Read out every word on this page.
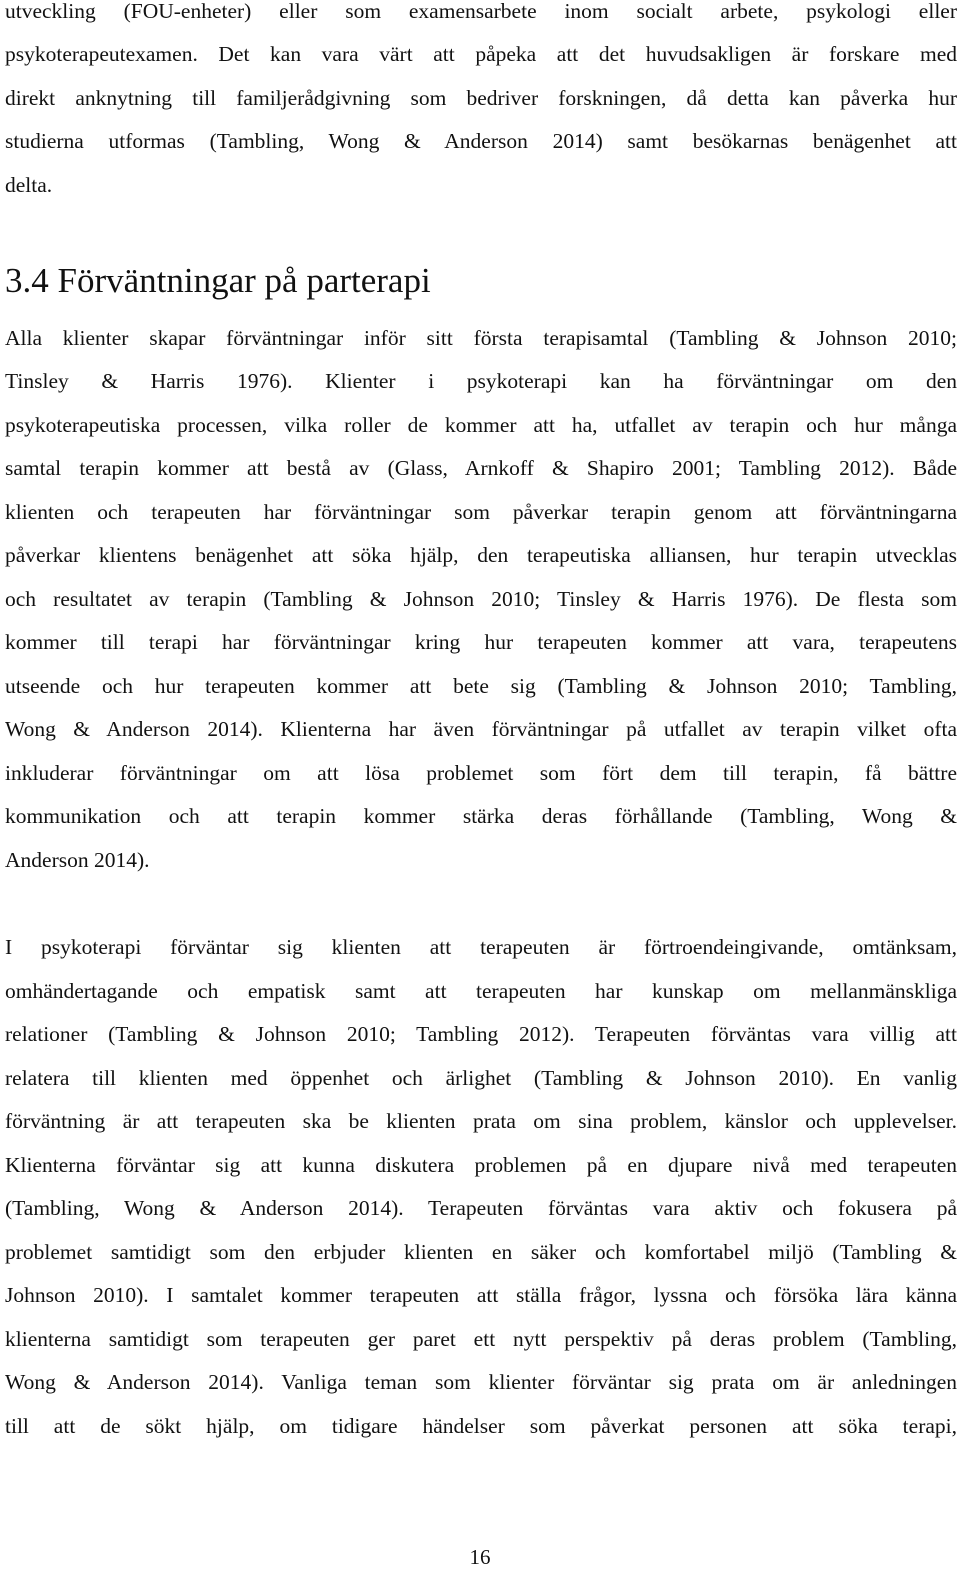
utveckling (FOU-enheter) eller som examensarbete inom socialt arbete, psykologi eller
psykoterapeutexamen. Det kan vara värt att påpeka att det huvudsakligen är forskare med
direkt anknytning till familjerådgivning som bedriver forskningen, då detta kan påverka hur
studierna utformas (Tambling, Wong & Anderson 2014) samt besökarnas benägenhet att
delta.
3.4 Förväntningar på parterapi
Alla klienter skapar förväntningar inför sitt första terapisamtal (Tambling & Johnson 2010;
Tinsley & Harris 1976). Klienter i psykoterapi kan ha förväntningar om den
psykoterapeutiska processen, vilka roller de kommer att ha, utfallet av terapin och hur många
samtal terapin kommer att bestå av (Glass, Arnkoff & Shapiro 2001; Tambling 2012). Både
klienten och terapeuten har förväntningar som påverkar terapin genom att förväntningarna
påverkar klientens benägenhet att söka hjälp, den terapeutiska alliansen, hur terapin utvecklas
och resultatet av terapin (Tambling & Johnson 2010; Tinsley & Harris 1976). De flesta som
kommer till terapi har förväntningar kring hur terapeuten kommer att vara, terapeutens
utseende och hur terapeuten kommer att bete sig (Tambling & Johnson 2010; Tambling,
Wong & Anderson 2014). Klienterna har även förväntningar på utfallet av terapin vilket ofta
inkluderar förväntningar om att lösa problemet som fört dem till terapin, få bättre
kommunikation och att terapin kommer stärka deras förhållande (Tambling, Wong &
Anderson 2014).
I psykoterapi förväntar sig klienten att terapeuten är förtroendeingivande, omtänksam,
omhändertagande och empatisk samt att terapeuten har kunskap om mellanmänskliga
relationer (Tambling & Johnson 2010; Tambling 2012). Terapeuten förväntas vara villig att
relatera till klienten med öppenhet och ärlighet (Tambling & Johnson 2010). En vanlig
förväntning är att terapeuten ska be klienten prata om sina problem, känslor och upplevelser.
Klienterna förväntar sig att kunna diskutera problemen på en djupare nivå med terapeuten
(Tambling, Wong & Anderson 2014). Terapeuten förväntas vara aktiv och fokusera på
problemet samtidigt som den erbjuder klienten en säker och komfortabel miljö (Tambling &
Johnson 2010). I samtalet kommer terapeuten att ställa frågor, lyssna och försöka lära känna
klienterna samtidigt som terapeuten ger paret ett nytt perspektiv på deras problem (Tambling,
Wong & Anderson 2014). Vanliga teman som klienter förväntar sig prata om är anledningen
till att de sökt hjälp, om tidigare händelser som påverkat personen att söka terapi,
16
